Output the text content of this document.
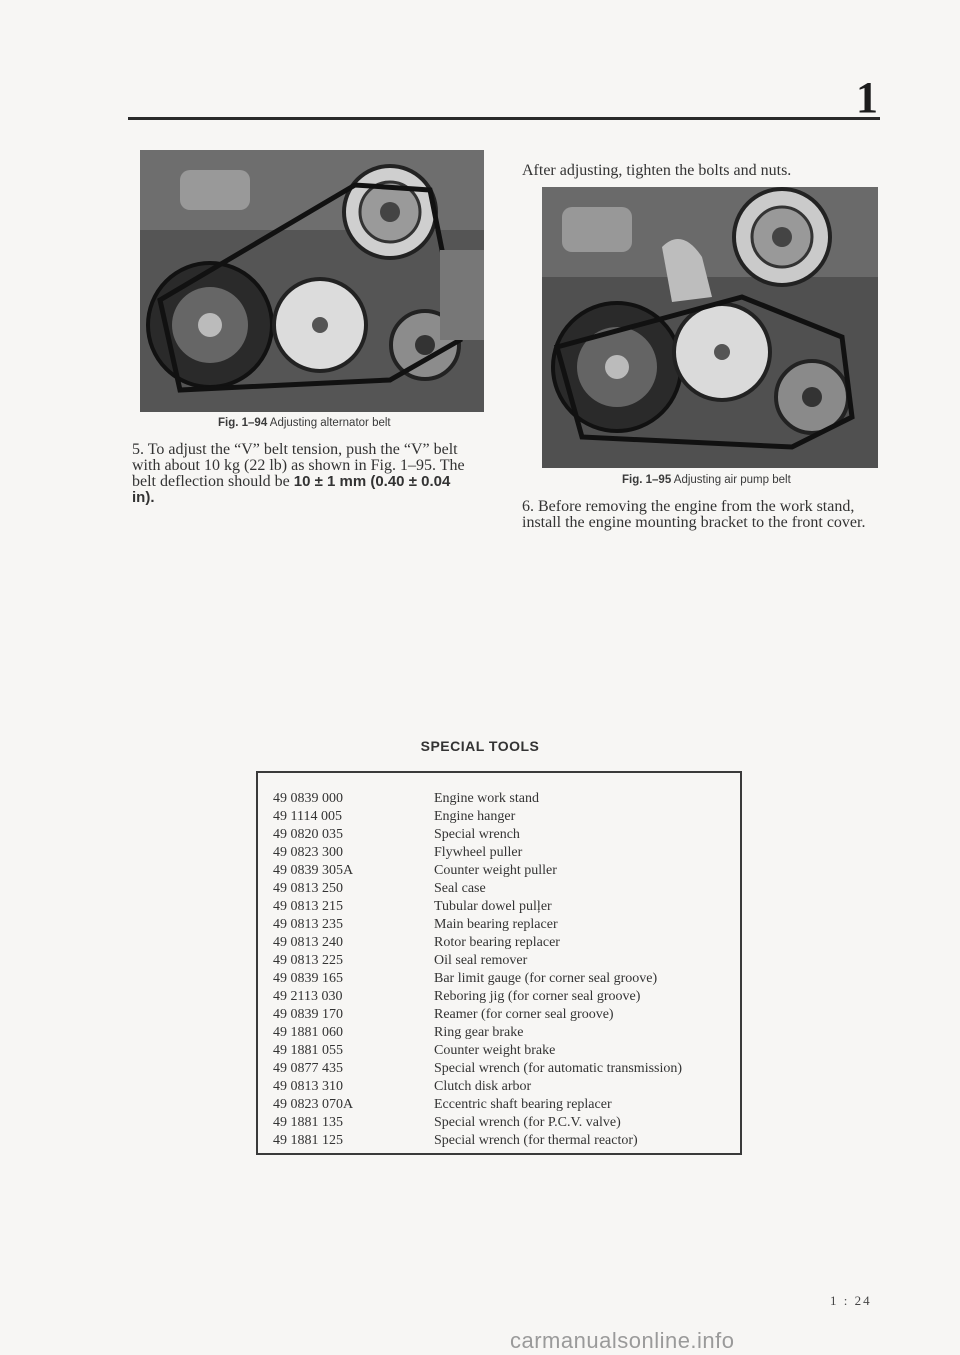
1
Fig. 1–94 Adjusting alternator belt
After adjusting, tighten the bolts and nuts.
Fig. 1–95 Adjusting air pump belt
5. To adjust the “V” belt tension, push the “V” belt
with about 10 kg (22 lb) as shown in Fig. 1–95. The
belt deflection should be 10 ± 1 mm (0.40 ± 0.04
in).
6. Before removing the engine from the work stand,
install the engine mounting bracket to the front cover.
SPECIAL TOOLS
49 0839 000	Engine work stand
49 1114 005	Engine hanger
49 0820 035	Special wrench
49 0823 300	Flywheel puller
49 0839 305A	Counter weight puller
49 0813 250	Seal case
49 0813 215	Tubular dowel pulļer
49 0813 235	Main bearing replacer
49 0813 240	Rotor bearing replacer
49 0813 225	Oil seal remover
49 0839 165	Bar limit gauge (for corner seal groove)
49 2113 030	Reboring jig (for corner seal groove)
49 0839 170	Reamer (for corner seal groove)
49 1881 060	Ring gear brake
49 1881 055	Counter weight brake
49 0877 435	Special wrench (for automatic transmission)
49 0813 310	Clutch disk arbor
49 0823 070A	Eccentric shaft bearing replacer
49 1881 135	Special wrench (for P.C.V. valve)
49 1881 125	Special wrench (for thermal reactor)
1 : 24
carmanualsonline.info
